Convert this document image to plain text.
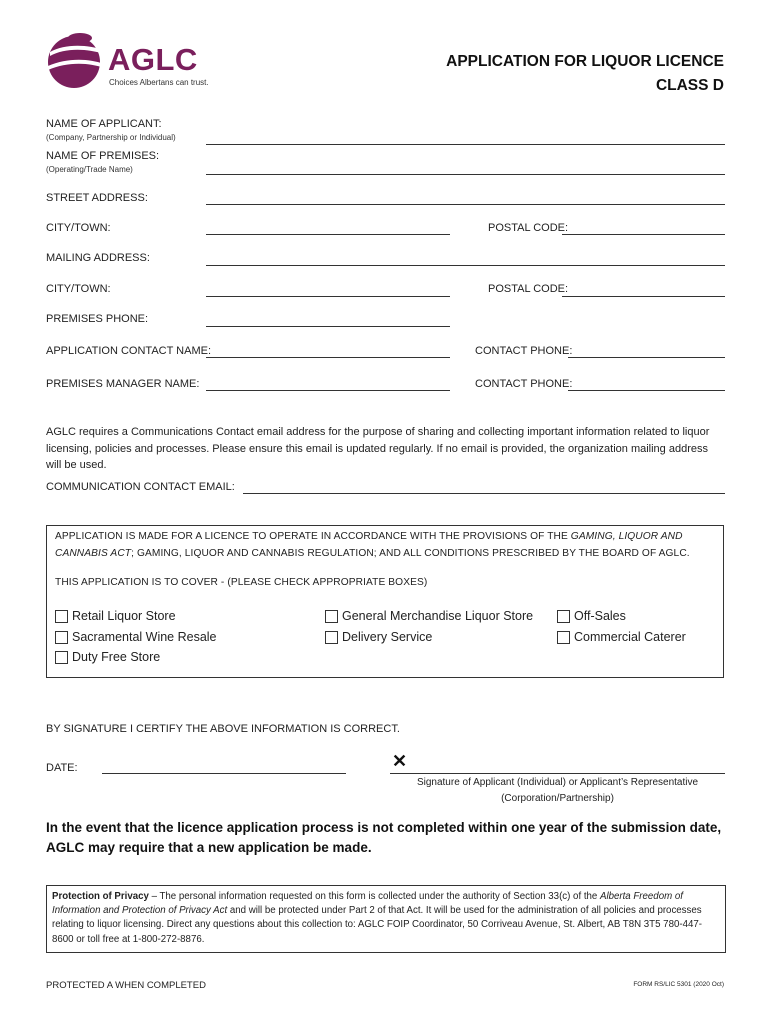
AGLC
Choices Albertans can trust.
APPLICATION FOR LIQUOR LICENCE
CLASS D
NAME OF APPLICANT:
(Company, Partnership or Individual)
NAME OF PREMISES:
(Operating/Trade Name)
STREET ADDRESS:
CITY/TOWN:	POSTAL CODE:
MAILING ADDRESS:
CITY/TOWN:	POSTAL CODE:
PREMISES PHONE:
APPLICATION CONTACT NAME:	CONTACT PHONE:
PREMISES MANAGER NAME:	CONTACT PHONE:
AGLC requires a Communications Contact email address for the purpose of sharing and collecting important information related to liquor licensing, policies and processes. Please ensure this email is updated regularly. If no email is provided, the organization mailing address will be used.
COMMUNICATION CONTACT EMAIL:
APPLICATION IS MADE FOR A LICENCE TO OPERATE IN ACCORDANCE WITH THE PROVISIONS OF THE GAMING, LIQUOR AND CANNABIS ACT; GAMING, LIQUOR AND CANNABIS REGULATION; AND ALL CONDITIONS PRESCRIBED BY THE BOARD OF AGLC.
THIS APPLICATION IS TO COVER - (PLEASE CHECK APPROPRIATE BOXES)
Retail Liquor Store
Sacramental Wine Resale
Duty Free Store
General Merchandise Liquor Store
Delivery Service
Off-Sales
Commercial Caterer
BY SIGNATURE I CERTIFY THE ABOVE INFORMATION IS CORRECT.
DATE:	✕
Signature of Applicant (Individual) or Applicant’s Representative
(Corporation/Partnership)
In the event that the licence application process is not completed within one year of the submission date, AGLC may require that a new application be made.
Protection of Privacy – The personal information requested on this form is collected under the authority of Section 33(c) of the Alberta Freedom of Information and Protection of Privacy Act and will be protected under Part 2 of that Act. It will be used for the administration of all policies and processes relating to liquor licensing. Direct any questions about this collection to: AGLC FOIP Coordinator, 50 Corriveau Avenue, St. Albert, AB T8N 3T5 780-447-8600 or toll free at 1-800-272-8876.
PROTECTED A WHEN COMPLETED	FORM RS/LIC 5301 (2020 Oct)
